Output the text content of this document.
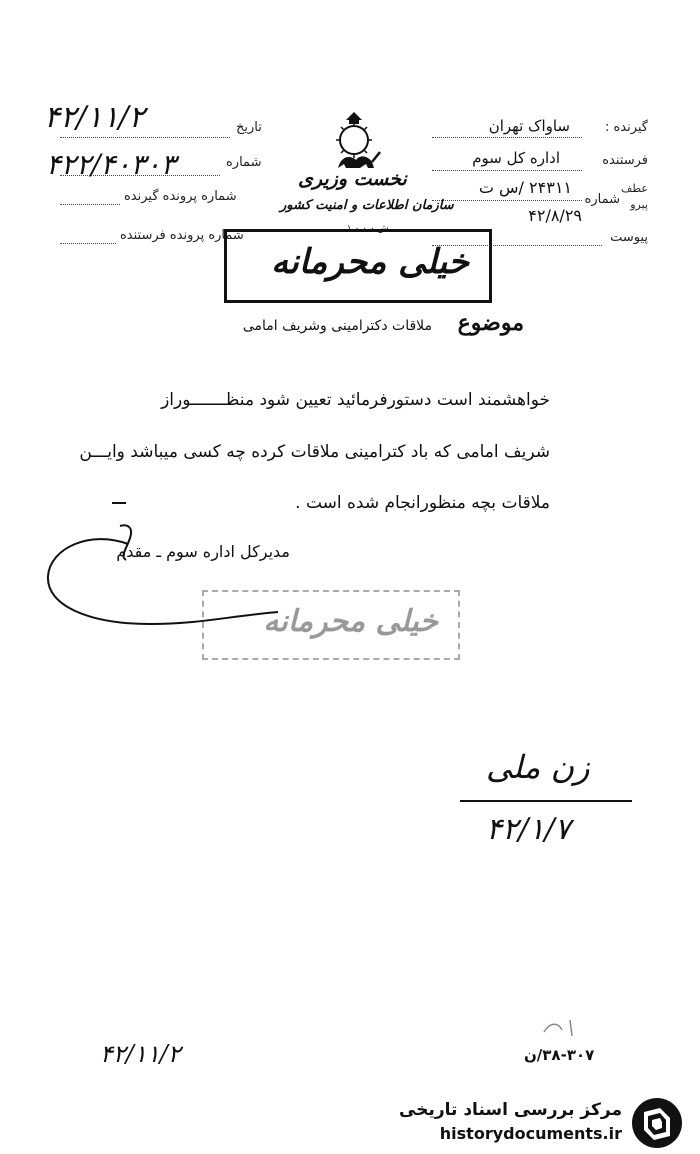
گیرنده :
ساواک تهران
فرستنده
اداره کل سوم
شماره
عطف
پیرو
۲۴۳۱۱ /س ت
۴۲/۸/۲۹
پیوست
نخست وزیری
سازمان اطلاعات و امنیت کشور
ش.۱.۰.۰.۰.
تاریخ
۴۲/۱۱/۲
شماره
۴۲۲/۴۰۳۰۳
شماره پرونده گیرنده
شماره پرونده فرستنده
خیلی محرمانه
موضوع
ملاقات دکترامینی وشریف امامی
خواهشمند است دستورفرمائید تعیین شود منظـــــــوراز
شریف امامی که باد کترامینی ملاقات کرده چه کسی میباشد وایـــن
ملاقات بچه منظورانجام شده است .
مدیرکل اداره سوم ـ مقدم
خیلی محرمانه
زن ملی
۴۲/۱/۷
۴۲/۱۱/۲	۳۸-۳۰۷/ن
مرکز بررسی اسناد تاریخی
historydocuments.ir
